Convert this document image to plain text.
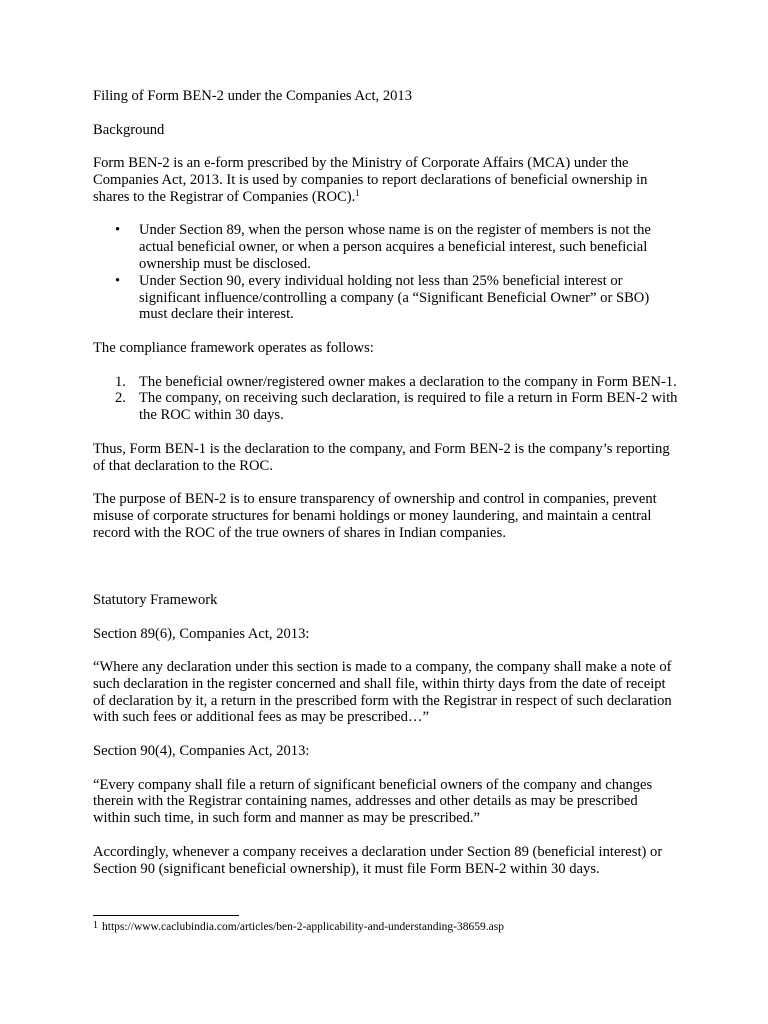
Filing of Form BEN-2 under the Companies Act, 2013

Background

Form BEN-2 is an e-form prescribed by the Ministry of Corporate Affairs (MCA) under the Companies Act, 2013. It is used by companies to report declarations of beneficial ownership in shares to the Registrar of Companies (ROC).$^1$

• Under Section 89, when the person whose name is on the register of members is not the actual beneficial owner, or when a person acquires a beneficial interest, such beneficial ownership must be disclosed.
• Under Section 90, every individual holding not less than 25% beneficial interest or significant influence/controlling a company (a “Significant Beneficial Owner” or SBO) must declare their interest.

The compliance framework operates as follows:

1. The beneficial owner/registered owner makes a declaration to the company in Form BEN-1.
2. The company, on receiving such declaration, is required to file a return in Form BEN-2 with the ROC within 30 days.

Thus, Form BEN-1 is the declaration to the company, and Form BEN-2 is the company’s reporting of that declaration to the ROC.

The purpose of BEN-2 is to ensure transparency of ownership and control in companies, prevent misuse of corporate structures for benami holdings or money laundering, and maintain a central record with the ROC of the true owners of shares in Indian companies.

Statutory Framework

Section 89(6), Companies Act, 2013:

“Where any declaration under this section is made to a company, the company shall make a note of such declaration in the register concerned and shall file, within thirty days from the date of receipt of declaration by it, a return in the prescribed form with the Registrar in respect of such declaration with such fees or additional fees as may be prescribed…”

Section 90(4), Companies Act, 2013:

“Every company shall file a return of significant beneficial owners of the company and changes therein with the Registrar containing names, addresses and other details as may be prescribed within such time, in such form and manner as may be prescribed.”

Accordingly, whenever a company receives a declaration under Section 89 (beneficial interest) or Section 90 (significant beneficial ownership), it must file Form BEN-2 within 30 days.

$^1$ https://www.caclubindia.com/articles/ben-2-applicability-and-understanding-38659.asp
